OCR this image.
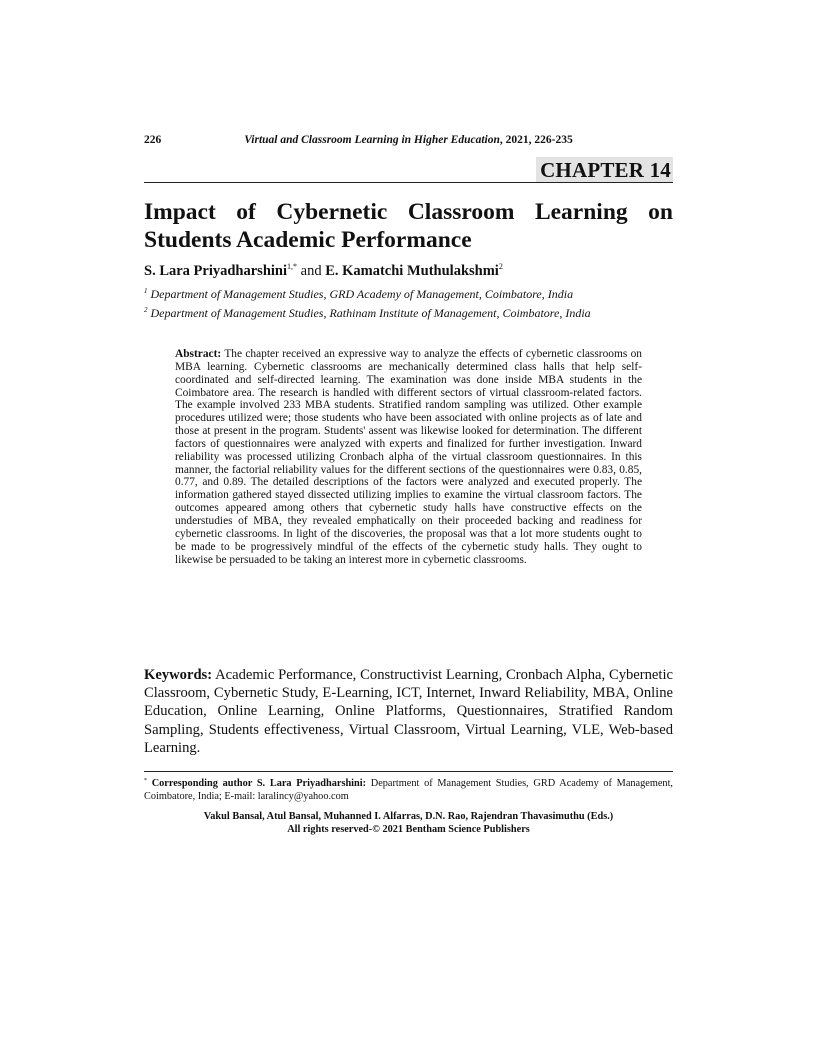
226	Virtual and Classroom Learning in Higher Education, 2021, 226-235
CHAPTER 14
Impact of Cybernetic Classroom Learning on
Students Academic Performance
S. Lara Priyadharshini$^{1,*}$ and E. Kamatchi Muthulakshmi$^2$
$^1$ Department of Management Studies, GRD Academy of Management, Coimbatore, India
$^2$ Department of Management Studies, Rathinam Institute of Management, Coimbatore, India

Abstract: The chapter received an expressive way to analyze the effects of cybernetic classrooms on MBA learning. Cybernetic classrooms are mechanically determined class halls that help self-coordinated and self-directed learning. The examination was done inside MBA students in the Coimbatore area. The research is handled with different sectors of virtual classroom-related factors. The example involved 233 MBA students. Stratified random sampling was utilized. Other example procedures utilized were; those students who have been associated with online projects as of late and those at present in the program. Students' assent was likewise looked for determination. The different factors of questionnaires were analyzed with experts and finalized for further investigation. Inward reliability was processed utilizing Cronbach alpha of the virtual classroom questionnaires. In this manner, the factorial reliability values for the different sections of the questionnaires were 0.83, 0.85, 0.77, and 0.89. The detailed descriptions of the factors were analyzed and executed properly. The information gathered stayed dissected utilizing implies to examine the virtual classroom factors. The outcomes appeared among others that cybernetic study halls have constructive effects on the understudies of MBA, they revealed emphatically on their proceeded backing and readiness for cybernetic classrooms. In light of the discoveries, the proposal was that a lot more students ought to be made to be progressively mindful of the effects of the cybernetic study halls. They ought to likewise be persuaded to be taking an interest more in cybernetic classrooms.

Keywords: Academic Performance, Constructivist Learning, Cronbach Alpha, Cybernetic Classroom, Cybernetic Study, E-Learning, ICT, Internet, Inward Reliability, MBA, Online Education, Online Learning, Online Platforms, Questionnaires, Stratified Random Sampling, Students effectiveness, Virtual Classroom, Virtual Learning, VLE, Web-based Learning.

* Corresponding author S. Lara Priyadharshini: Department of Management Studies, GRD Academy of Management, Coimbatore, India; E-mail: laralincy@yahoo.com

Vakul Bansal, Atul Bansal, Muhanned I. Alfarras, D.N. Rao, Rajendran Thavasimuthu (Eds.)
All rights reserved-© 2021 Bentham Science Publishers
